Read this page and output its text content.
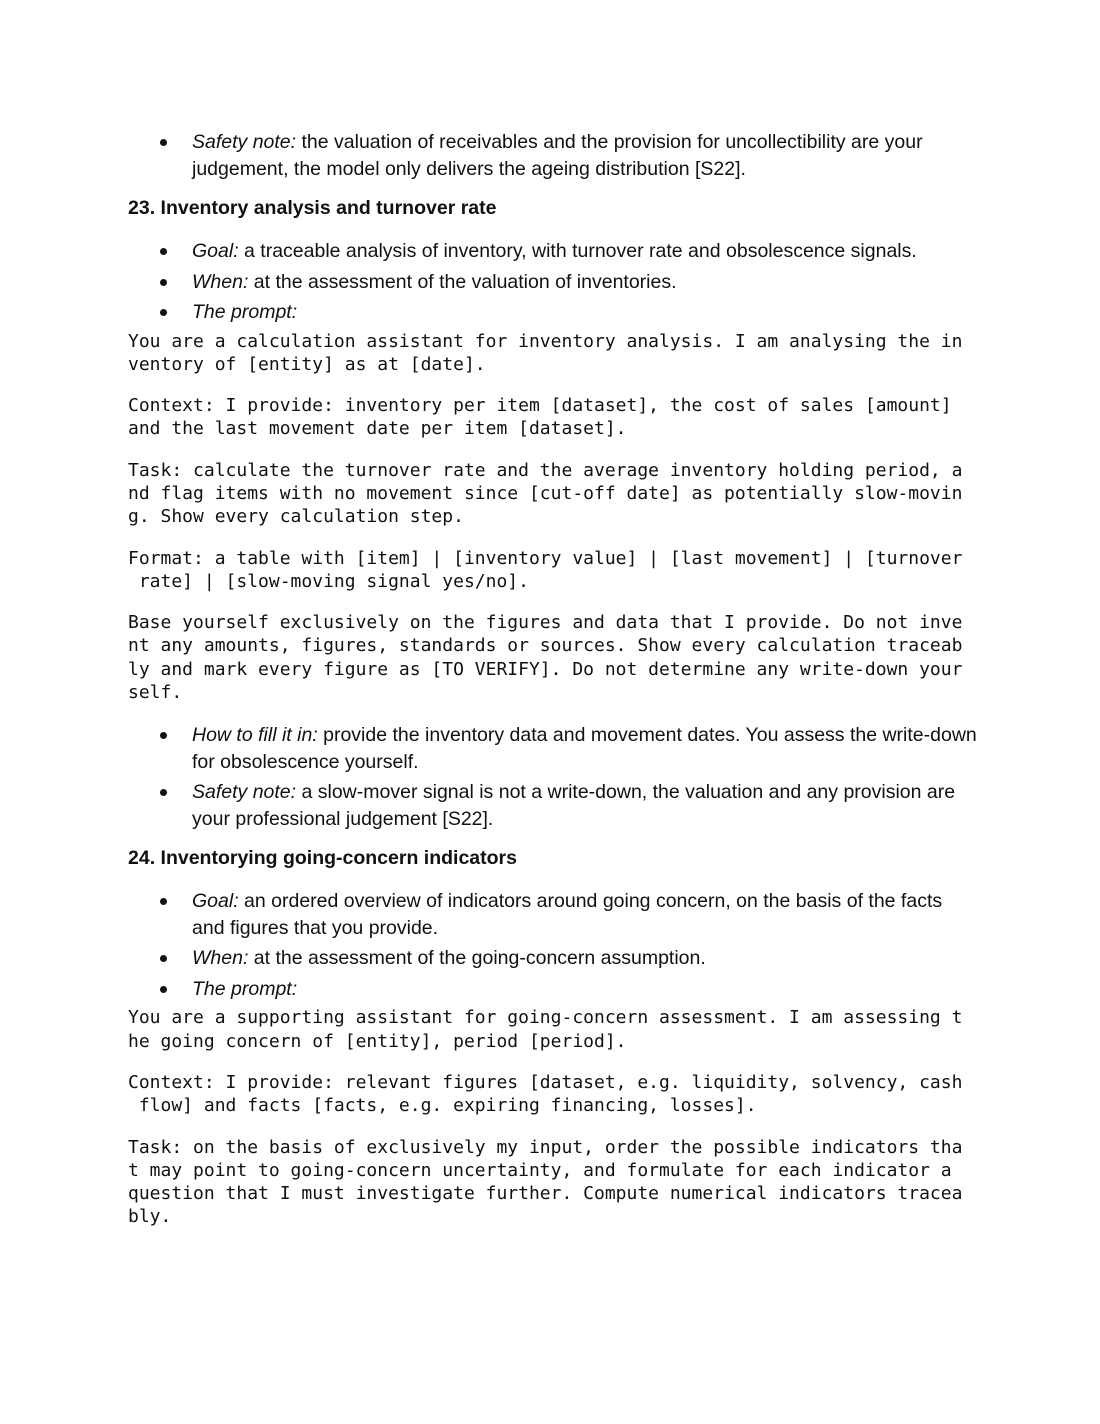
Safety note: the valuation of receivables and the provision for uncollectibility are your judgement, the model only delivers the ageing distribution [S22].
23. Inventory analysis and turnover rate
Goal: a traceable analysis of inventory, with turnover rate and obsolescence signals.
When: at the assessment of the valuation of inventories.
The prompt:
You are a calculation assistant for inventory analysis. I am analysing the in
ventory of [entity] as at [date].
Context: I provide: inventory per item [dataset], the cost of sales [amount]
and the last movement date per item [dataset].
Task: calculate the turnover rate and the average inventory holding period, a
nd flag items with no movement since [cut-off date] as potentially slow-movin
g. Show every calculation step.
Format: a table with [item] | [inventory value] | [last movement] | [turnover
rate] | [slow-moving signal yes/no].
Base yourself exclusively on the figures and data that I provide. Do not inve
nt any amounts, figures, standards or sources. Show every calculation traceab
ly and mark every figure as [TO VERIFY]. Do not determine any write-down your
self.
How to fill it in: provide the inventory data and movement dates. You assess the write-down for obsolescence yourself.
Safety note: a slow-mover signal is not a write-down, the valuation and any provision are your professional judgement [S22].
24. Inventorying going-concern indicators
Goal: an ordered overview of indicators around going concern, on the basis of the facts and figures that you provide.
When: at the assessment of the going-concern assumption.
The prompt:
You are a supporting assistant for going-concern assessment. I am assessing t
he going concern of [entity], period [period].
Context: I provide: relevant figures [dataset, e.g. liquidity, solvency, cash
flow] and facts [facts, e.g. expiring financing, losses].
Task: on the basis of exclusively my input, order the possible indicators tha
t may point to going-concern uncertainty, and formulate for each indicator a
question that I must investigate further. Compute numerical indicators tracea
bly.
